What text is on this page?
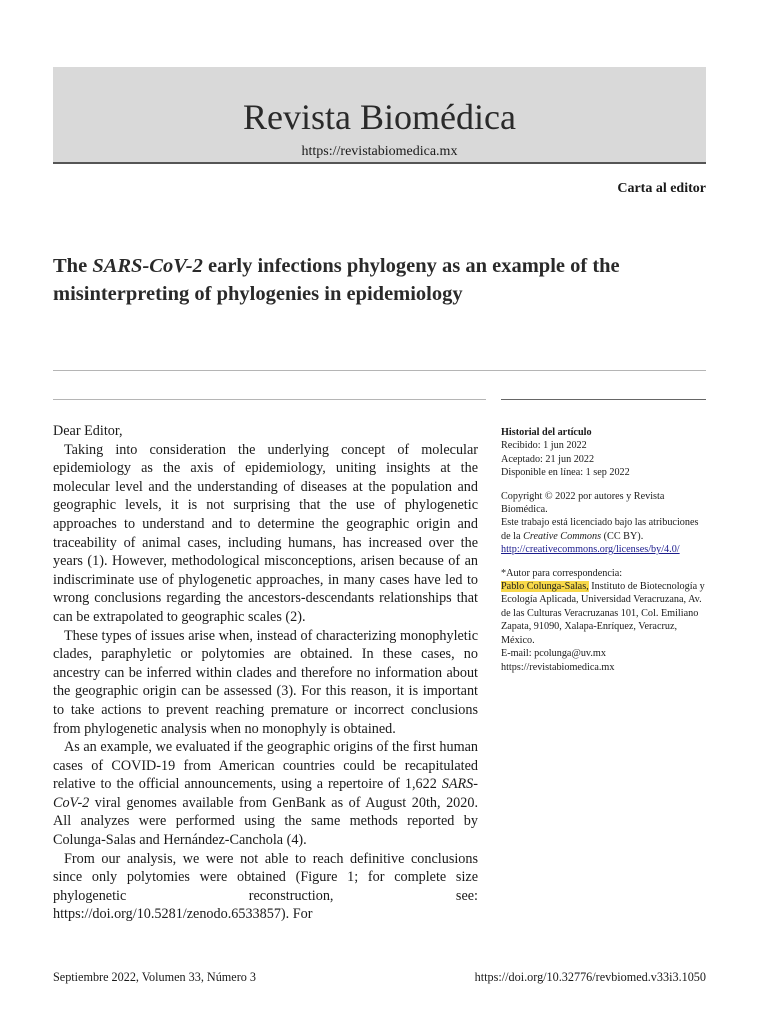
Revista Biomédica
https://revistabiomedica.mx
Carta al editor
The SARS-CoV-2 early infections phylogeny as an example of the misinterpreting of phylogenies in epidemiology

Dear Editor,

Taking into consideration the underlying concept of molecular epidemiology as the axis of epidemiology, uniting insights at the molecular level and the understanding of diseases at the population and geographic levels, it is not surprising that the use of phylogenetic approaches to understand and to determine the geographic origin and traceability of animal cases, including humans, has increased over the years (1). However, methodological misconceptions, arisen because of an indiscriminate use of phylogenetic approaches, in many cases have led to wrong conclusions regarding the ancestors-descendants relationships that can be extrapolated to geographic scales (2).

These types of issues arise when, instead of characterizing monophyletic clades, paraphyletic or polytomies are obtained. In these cases, no ancestry can be inferred within clades and therefore no information about the geographic origin can be assessed (3). For this reason, it is important to take actions to prevent reaching premature or incorrect conclusions from phylogenetic analysis when no monophyly is obtained.

As an example, we evaluated if the geographic origins of the first human cases of COVID-19 from American countries could be recapitulated relative to the official announcements, using a repertoire of 1,622 SARS-CoV-2 viral genomes available from GenBank as of August 20th, 2020. All analyzes were performed using the same methods reported by Colunga-Salas and Hernández-Canchola (4).

From our analysis, we were not able to reach definitive conclusions since only polytomies were obtained (Figure 1; for complete size phylogenetic reconstruction, see: https://doi.org/10.5281/zenodo.6533857). For

Historial del artículo
Recibido: 1 jun 2022
Aceptado: 21 jun 2022
Disponible en línea: 1 sep 2022
Copyright © 2022 por autores y Revista Biomédica.
Este trabajo está licenciado bajo las atribuciones de la Creative Commons (CC BY).
http://creativecommons.org/licenses/by/4.0/
*Autor para correspondencia:
Pablo Colunga-Salas, Instituto de Biotecnología y Ecología Aplicada, Universidad Veracruzana, Av. de las Culturas Veracruzanas 101, Col. Emiliano Zapata, 91090, Xalapa-Enríquez, Veracruz, México.
E-mail: pcolunga@uv.mx
https://revistabiomedica.mx
Septiembre 2022, Volumen 33, Número 3	https://doi.org/10.32776/revbiomed.v33i3.1050
